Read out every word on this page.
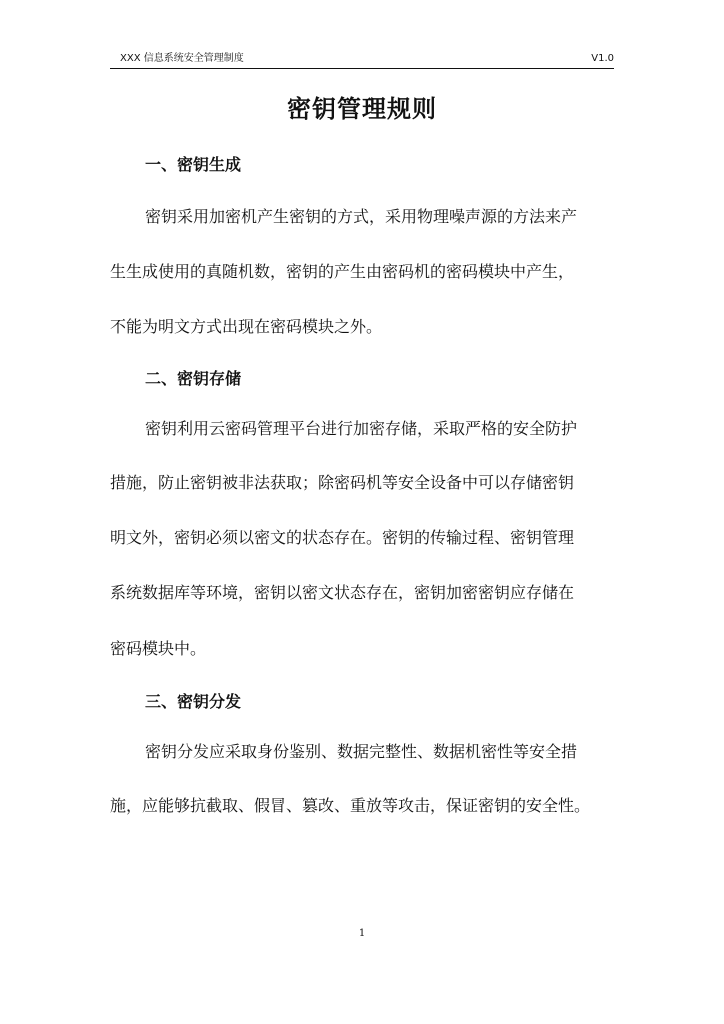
XXX 信息系统安全管理制度	V1.0
密钥管理规则
一、密钥生成
密钥采用加密机产生密钥的方式，采用物理噪声源的方法来产
生生成使用的真随机数，密钥的产生由密码机的密码模块中产生，
不能为明文方式出现在密码模块之外。
二、密钥存储
密钥利用云密码管理平台进行加密存储，采取严格的安全防护
措施，防止密钥被非法获取；除密码机等安全设备中可以存储密钥
明文外，密钥必须以密文的状态存在。密钥的传输过程、密钥管理
系统数据库等环境，密钥以密文状态存在，密钥加密密钥应存储在
密码模块中。
三、密钥分发
密钥分发应采取身份鉴别、数据完整性、数据机密性等安全措
施，应能够抗截取、假冒、篡改、重放等攻击，保证密钥的安全性。
1
